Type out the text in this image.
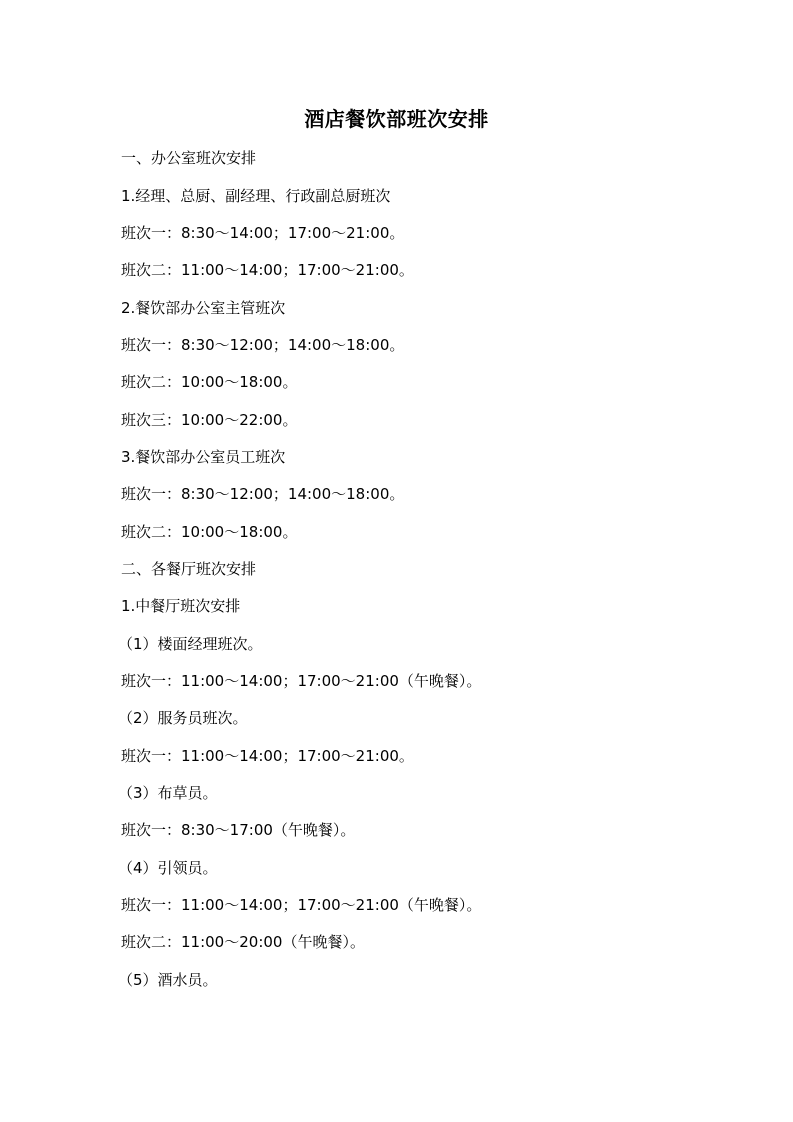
酒店餐饮部班次安排
一、办公室班次安排
1.经理、总厨、副经理、行政副总厨班次
班次一：8:30～14:00；17:00～21:00。
班次二：11:00～14:00；17:00～21:00。
2.餐饮部办公室主管班次
班次一：8:30～12:00；14:00～18:00。
班次二：10:00～18:00。
班次三：10:00～22:00。
3.餐饮部办公室员工班次
班次一：8:30～12:00；14:00～18:00。
班次二：10:00～18:00。
二、各餐厅班次安排
1.中餐厅班次安排
（1）楼面经理班次。
班次一：11:00～14:00；17:00～21:00（午晚餐）。
（2）服务员班次。
班次一：11:00～14:00；17:00～21:00。
（3）布草员。
班次一：8:30～17:00（午晚餐）。
（4）引领员。
班次一：11:00～14:00；17:00～21:00（午晚餐）。
班次二：11:00～20:00（午晚餐）。
（5）酒水员。
